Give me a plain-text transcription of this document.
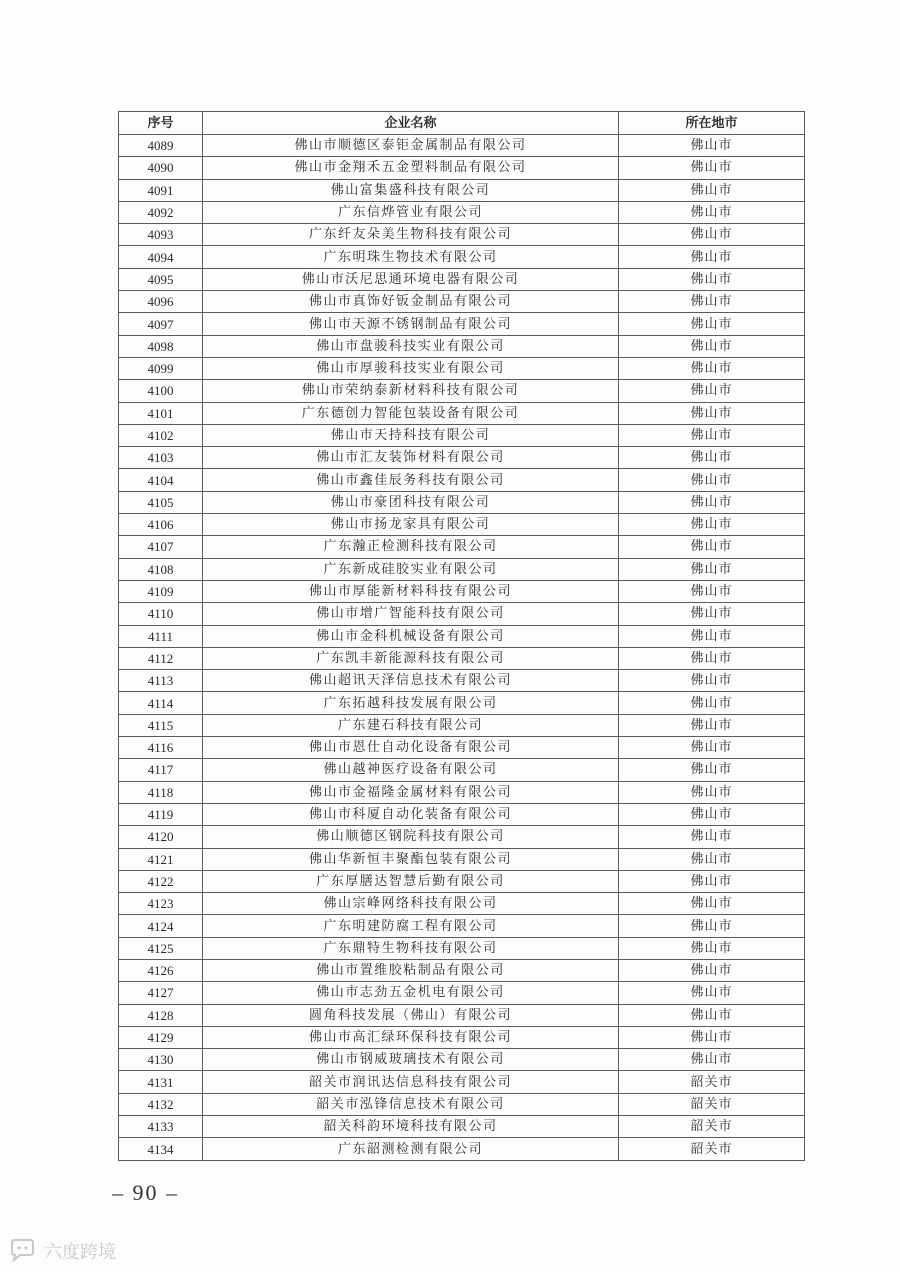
序号	企业名称	所在地市
4089	佛山市顺德区泰钜金属制品有限公司	佛山市
4090	佛山市金翔禾五金塑料制品有限公司	佛山市
4091	佛山富集盛科技有限公司	佛山市
4092	广东信烨管业有限公司	佛山市
4093	广东纤友朵美生物科技有限公司	佛山市
4094	广东明珠生物技术有限公司	佛山市
4095	佛山市沃尼思通环境电器有限公司	佛山市
4096	佛山市真饰好钣金制品有限公司	佛山市
4097	佛山市天源不锈钢制品有限公司	佛山市
4098	佛山市盘骏科技实业有限公司	佛山市
4099	佛山市厚骏科技实业有限公司	佛山市
4100	佛山市荣纳泰新材料科技有限公司	佛山市
4101	广东德创力智能包装设备有限公司	佛山市
4102	佛山市天持科技有限公司	佛山市
4103	佛山市汇友装饰材料有限公司	佛山市
4104	佛山市鑫佳辰务科技有限公司	佛山市
4105	佛山市豪团科技有限公司	佛山市
4106	佛山市扬龙家具有限公司	佛山市
4107	广东瀚正检测科技有限公司	佛山市
4108	广东新成硅胶实业有限公司	佛山市
4109	佛山市厚能新材料科技有限公司	佛山市
4110	佛山市增广智能科技有限公司	佛山市
4111	佛山市金科机械设备有限公司	佛山市
4112	广东凯丰新能源科技有限公司	佛山市
4113	佛山超讯天泽信息技术有限公司	佛山市
4114	广东拓越科技发展有限公司	佛山市
4115	广东建石科技有限公司	佛山市
4116	佛山市恩仕自动化设备有限公司	佛山市
4117	佛山越神医疗设备有限公司	佛山市
4118	佛山市金福隆金属材料有限公司	佛山市
4119	佛山市科厦自动化装备有限公司	佛山市
4120	佛山顺德区钢院科技有限公司	佛山市
4121	佛山华新恒丰聚酯包装有限公司	佛山市
4122	广东厚膳达智慧后勤有限公司	佛山市
4123	佛山宗峰网络科技有限公司	佛山市
4124	广东明建防腐工程有限公司	佛山市
4125	广东鼎特生物科技有限公司	佛山市
4126	佛山市置维胶粘制品有限公司	佛山市
4127	佛山市志劲五金机电有限公司	佛山市
4128	圆角科技发展（佛山）有限公司	佛山市
4129	佛山市高汇绿环保科技有限公司	佛山市
4130	佛山市钢威玻璃技术有限公司	佛山市
4131	韶关市润讯达信息科技有限公司	韶关市
4132	韶关市泓锋信息技术有限公司	韶关市
4133	韶关科韵环境科技有限公司	韶关市
4134	广东韶测检测有限公司	韶关市
– 90 –
六度跨境
